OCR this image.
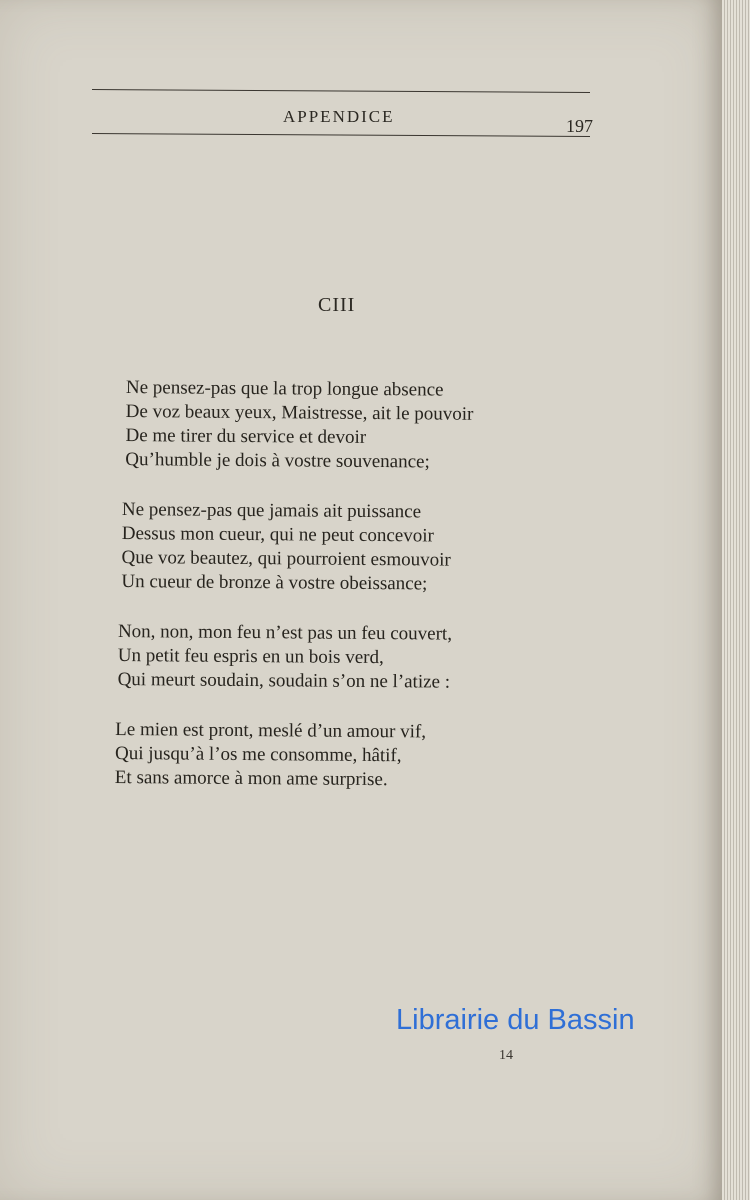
APPENDICE	197
CIII
Ne pensez-pas que la trop longue absence
De voz beaux yeux, Maistresse, ait le pouvoir
De me tirer du service et devoir
Qu’humble je dois à vostre souvenance;
Ne pensez-pas que jamais ait puissance
Dessus mon cueur, qui ne peut concevoir
Que voz beautez, qui pourroient esmouvoir
Un cueur de bronze à vostre obeissance;
Non, non, mon feu n’est pas un feu couvert,
Un petit feu espris en un bois verd,
Qui meurt soudain, soudain s’on ne l’atize :
Le mien est pront, meslé d’un amour vif,
Qui jusqu’à l’os me consomme, hâtif,
Et sans amorce à mon ame surprise.
Librairie du Bassin
14
